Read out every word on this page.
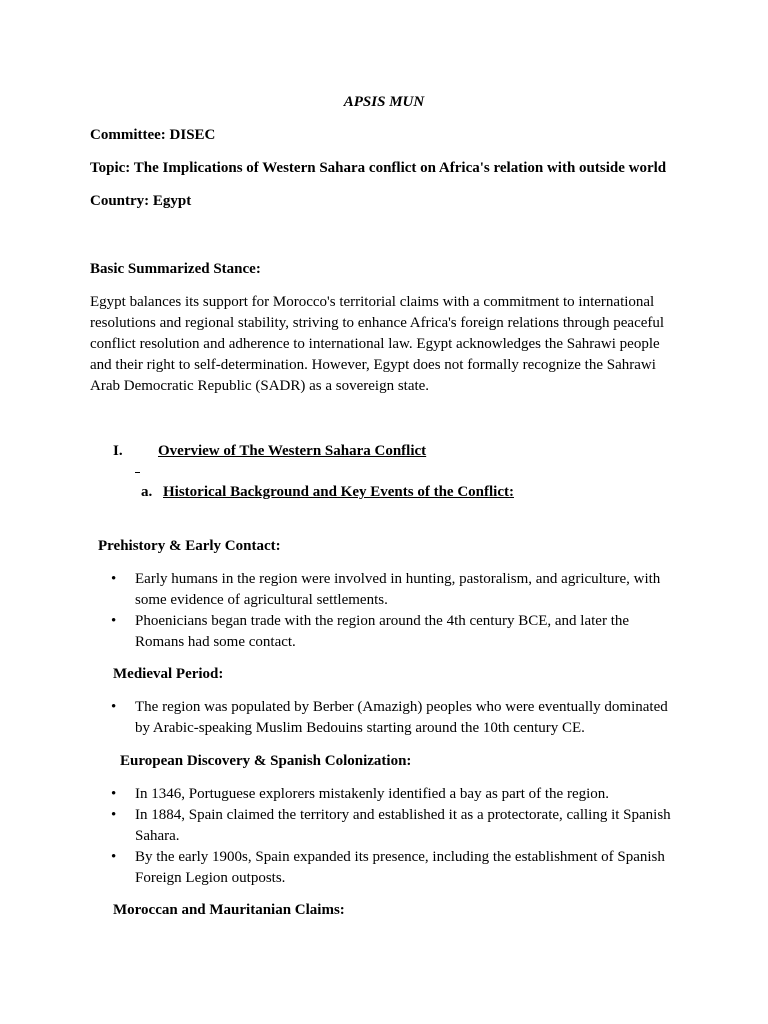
APSIS MUN

Committee: DISEC

Topic: The Implications of Western Sahara conflict on Africa's relation with outside world

Country: Egypt

Basic Summarized Stance:

Egypt balances its support for Morocco's territorial claims with a commitment to international resolutions and regional stability, striving to enhance Africa's foreign relations through peaceful conflict resolution and adherence to international law. Egypt acknowledges the Sahrawi people and their right to self-determination. However, Egypt does not formally recognize the Sahrawi Arab Democratic Republic (SADR) as a sovereign state.

I. Overview of The Western Sahara Conflict
a. Historical Background and Key Events of the Conflict:

Prehistory & Early Contact:

• Early humans in the region were involved in hunting, pastoralism, and agriculture, with some evidence of agricultural settlements.
• Phoenicians began trade with the region around the 4th century BCE, and later the Romans had some contact.

Medieval Period:

• The region was populated by Berber (Amazigh) peoples who were eventually dominated by Arabic-speaking Muslim Bedouins starting around the 10th century CE.

European Discovery & Spanish Colonization:

• In 1346, Portuguese explorers mistakenly identified a bay as part of the region.
• In 1884, Spain claimed the territory and established it as a protectorate, calling it Spanish Sahara.
• By the early 1900s, Spain expanded its presence, including the establishment of Spanish Foreign Legion outposts.

Moroccan and Mauritanian Claims:
